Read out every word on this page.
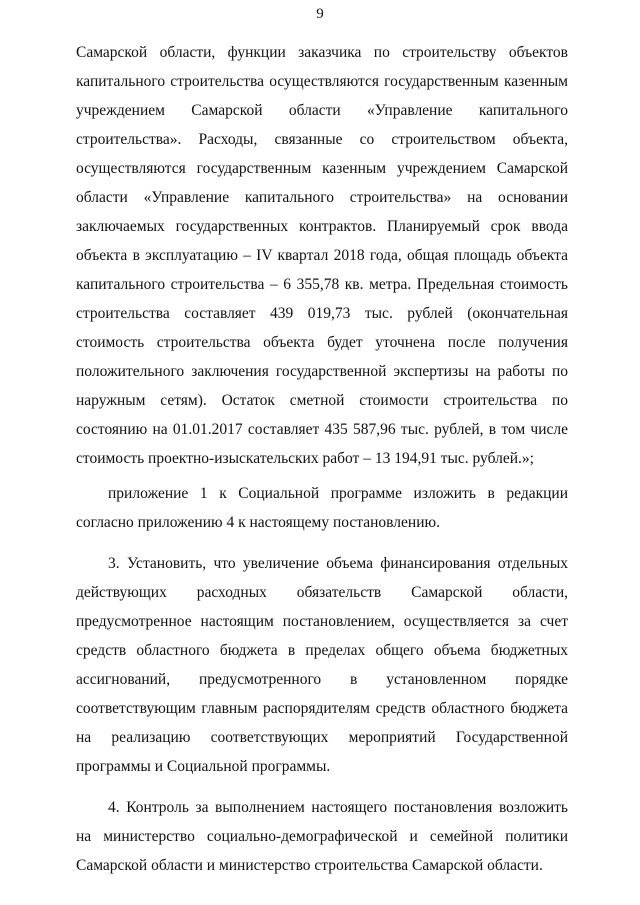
9

Самарской области, функции заказчика по строительству объектов капитального строительства осуществляются государственным казенным учреждением Самарской области «Управление капитального строительства». Расходы, связанные со строительством объекта, осуществляются государственным казенным учреждением Самарской области «Управление капитального строительства» на основании заключаемых государственных контрактов. Планируемый срок ввода объекта в эксплуатацию – IV квартал 2018 года, общая площадь объекта капитального строительства – 6 355,78 кв. метра. Предельная стоимость строительства составляет 439 019,73 тыс. рублей (окончательная стоимость строительства объекта будет уточнена после получения положительного заключения государственной экспертизы на работы по наружным сетям). Остаток сметной стоимости строительства по состоянию на 01.01.2017 составляет 435 587,96 тыс. рублей, в том числе стоимость проектно-изыскательских работ – 13 194,91 тыс. рублей.»;

приложение 1 к Социальной программе изложить в редакции согласно приложению 4 к настоящему постановлению.

3. Установить, что увеличение объема финансирования отдельных действующих расходных обязательств Самарской области, предусмотренное настоящим постановлением, осуществляется за счет средств областного бюджета в пределах общего объема бюджетных ассигнований, предусмотренного в установленном порядке соответствующим главным распорядителям средств областного бюджета на реализацию соответствующих мероприятий Государственной программы и Социальной программы.

4. Контроль за выполнением настоящего постановления возложить на министерство социально-демографической и семейной политики Самарской области и министерство строительства Самарской области.
